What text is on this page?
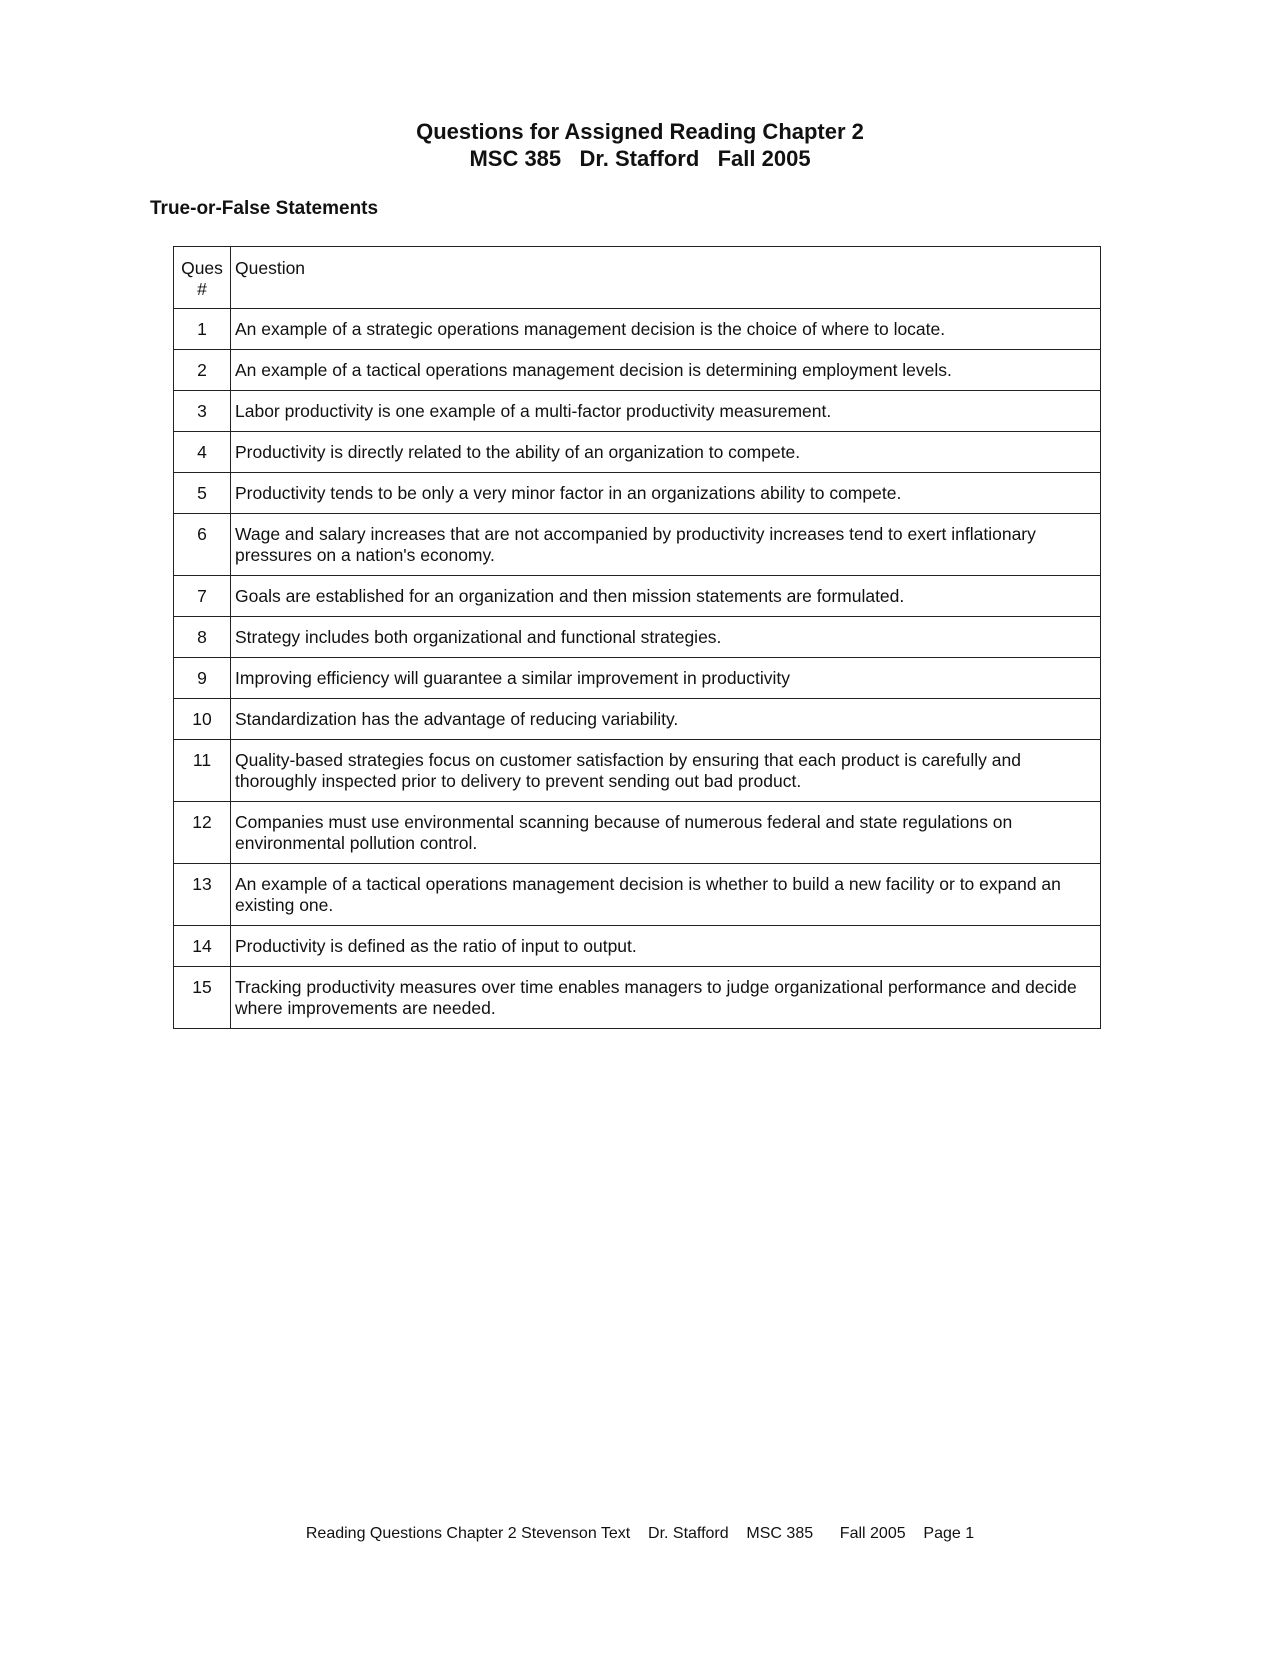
Questions for Assigned Reading Chapter 2
MSC 385   Dr. Stafford   Fall 2005
True-or-False Statements
Ques
#	Question
1	An example of a strategic operations management decision is the choice of where to locate.
2	An example of a tactical operations management decision is determining employment levels.
3	Labor productivity is one example of a multi-factor productivity measurement.
4	Productivity is directly related to the ability of an organization to compete.
5	Productivity tends to be only a very minor factor in an organizations ability to compete.
6	Wage and salary increases that are not accompanied by productivity increases tend to exert inflationary pressures on a nation's economy.
7	Goals are established for an organization and then mission statements are formulated.
8	Strategy includes both organizational and functional strategies.
9	Improving efficiency will guarantee a similar improvement in productivity
10	Standardization has the advantage of reducing variability.
11	Quality-based strategies focus on customer satisfaction by ensuring that each product is carefully and thoroughly inspected prior to delivery to prevent sending out bad product.
12	Companies must use environmental scanning because of numerous federal and state regulations on environmental pollution control.
13	An example of a tactical operations management decision is whether to build a new facility or to expand an existing one.
14	Productivity is defined as the ratio of input to output.
15	Tracking productivity measures over time enables managers to judge organizational performance and decide where improvements are needed.
Reading Questions Chapter 2 Stevenson Text    Dr. Stafford    MSC 385      Fall 2005    Page 1
